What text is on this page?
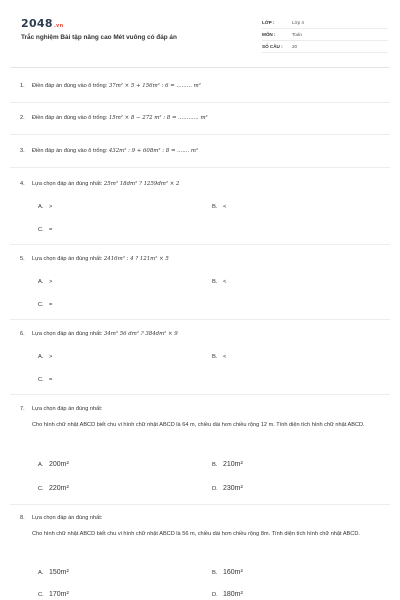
2048.vn
Trắc nghiệm Bài tập nâng cao Mét vuông có đáp án
LỚP :	Lớp 4
MÔN :	Toán
SỐ CÂU :	20
1.	Điền đáp án đúng vào ô trống: 37m² × 5 + 156m² : 6 = ......... m²
2.	Điền đáp án đúng vào ô trống: 15m² × 8 − 272 m² : 8 = ............ m²
3.	Điền đáp án đúng vào ô trống: 432m² : 9 + 608m² : 8 = ....... m²
4.	Lựa chọn đáp án đúng nhất: 25m² 18dm² ? 1259dm² × 2
A. >	B. <
C. =
5.	Lựa chọn đáp án đúng nhất: 2416m² : 4 ? 121m² × 5
A. >	B. <
C. =
6.	Lựa chọn đáp án đúng nhất: 34m² 56 dm² ? 384dm² × 9
A. >	B. <
C. =
7.	Lựa chọn đáp án đúng nhất:
Cho hình chữ nhật ABCD biết chu vi hình chữ nhật ABCD là 64 m, chiều dài hơn chiều rộng 12 m. Tính diện tích hình chữ nhật ABCD.
A. 200m²	B. 210m²
C. 220m²	D. 230m²
8.	Lựa chọn đáp án đúng nhất:
Cho hình chữ nhật ABCD biết chu vi hình chữ nhật ABCD là 56 m, chiều dài hơn chiều rộng 8m. Tính diện tích hình chữ nhật ABCD.
A. 150m²	B. 160m²
C. 170m²	D. 180m²
